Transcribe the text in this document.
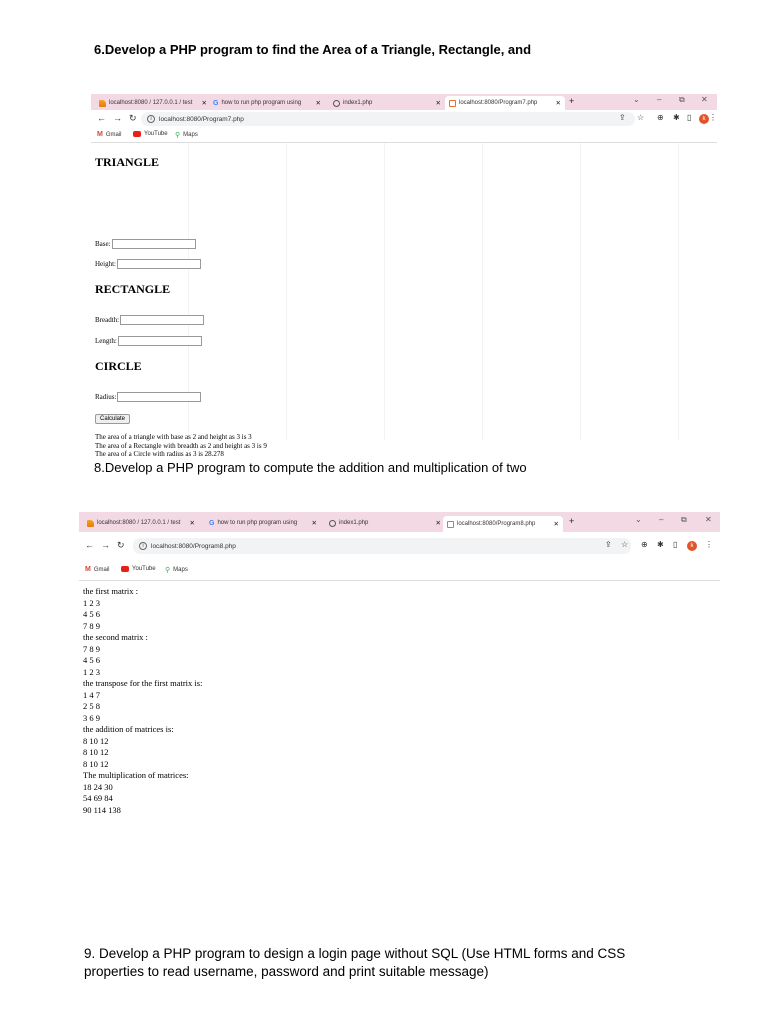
6.Develop a PHP program to find the Area of a Triangle, Rectangle, and
localhost:8080 / 127.0.0.1 / test ✕ G how to run php program using ✕	index1.php	✕	localhost:8080/Program7.php	✕ +	⌄ – ⧉ ✕
← → ↻	i	localhost:8080/Program7.php	⇪ ☆ ⊕ ✱ ▯	k ⋮
M Gmail	YouTube ⚲ Maps
TRIANGLE
Base:
Height:
RECTANGLE
Breadth:
Length:
CIRCLE
Radius:
Calculate
The area of a triangle with base as 2 and height as 3 is 3
The area of a Rectangle with breadth as 2 and height as 3 is 9
The area of a Circle with radius as 3 is 28.278
8.Develop a PHP program to compute the addition and multiplication of two
localhost:8080 / 127.0.0.1 / test ✕ G how to run php program using ✕	index1.php	✕	localhost:8080/Program8.php	✕ +	⌄ – ⧉ ✕
← → ↻	i	localhost:8080/Program8.php	⇪ ☆ ⊕ ✱ ▯	k	⋮
M Gmail	YouTube ⚲ Maps
the first matrix :
1 2 3
4 5 6
7 8 9
the second matrix :
7 8 9
4 5 6
1 2 3
the transpose for the first matrix is:
1 4 7
2 5 8
3 6 9
the addition of matrices is:
8 10 12
8 10 12
8 10 12
The multiplication of matrices:
18 24 30
54 69 84
90 114 138
9. Develop a PHP program to design a login page without SQL (Use HTML forms and CSS properties to read username, password and print suitable message)
